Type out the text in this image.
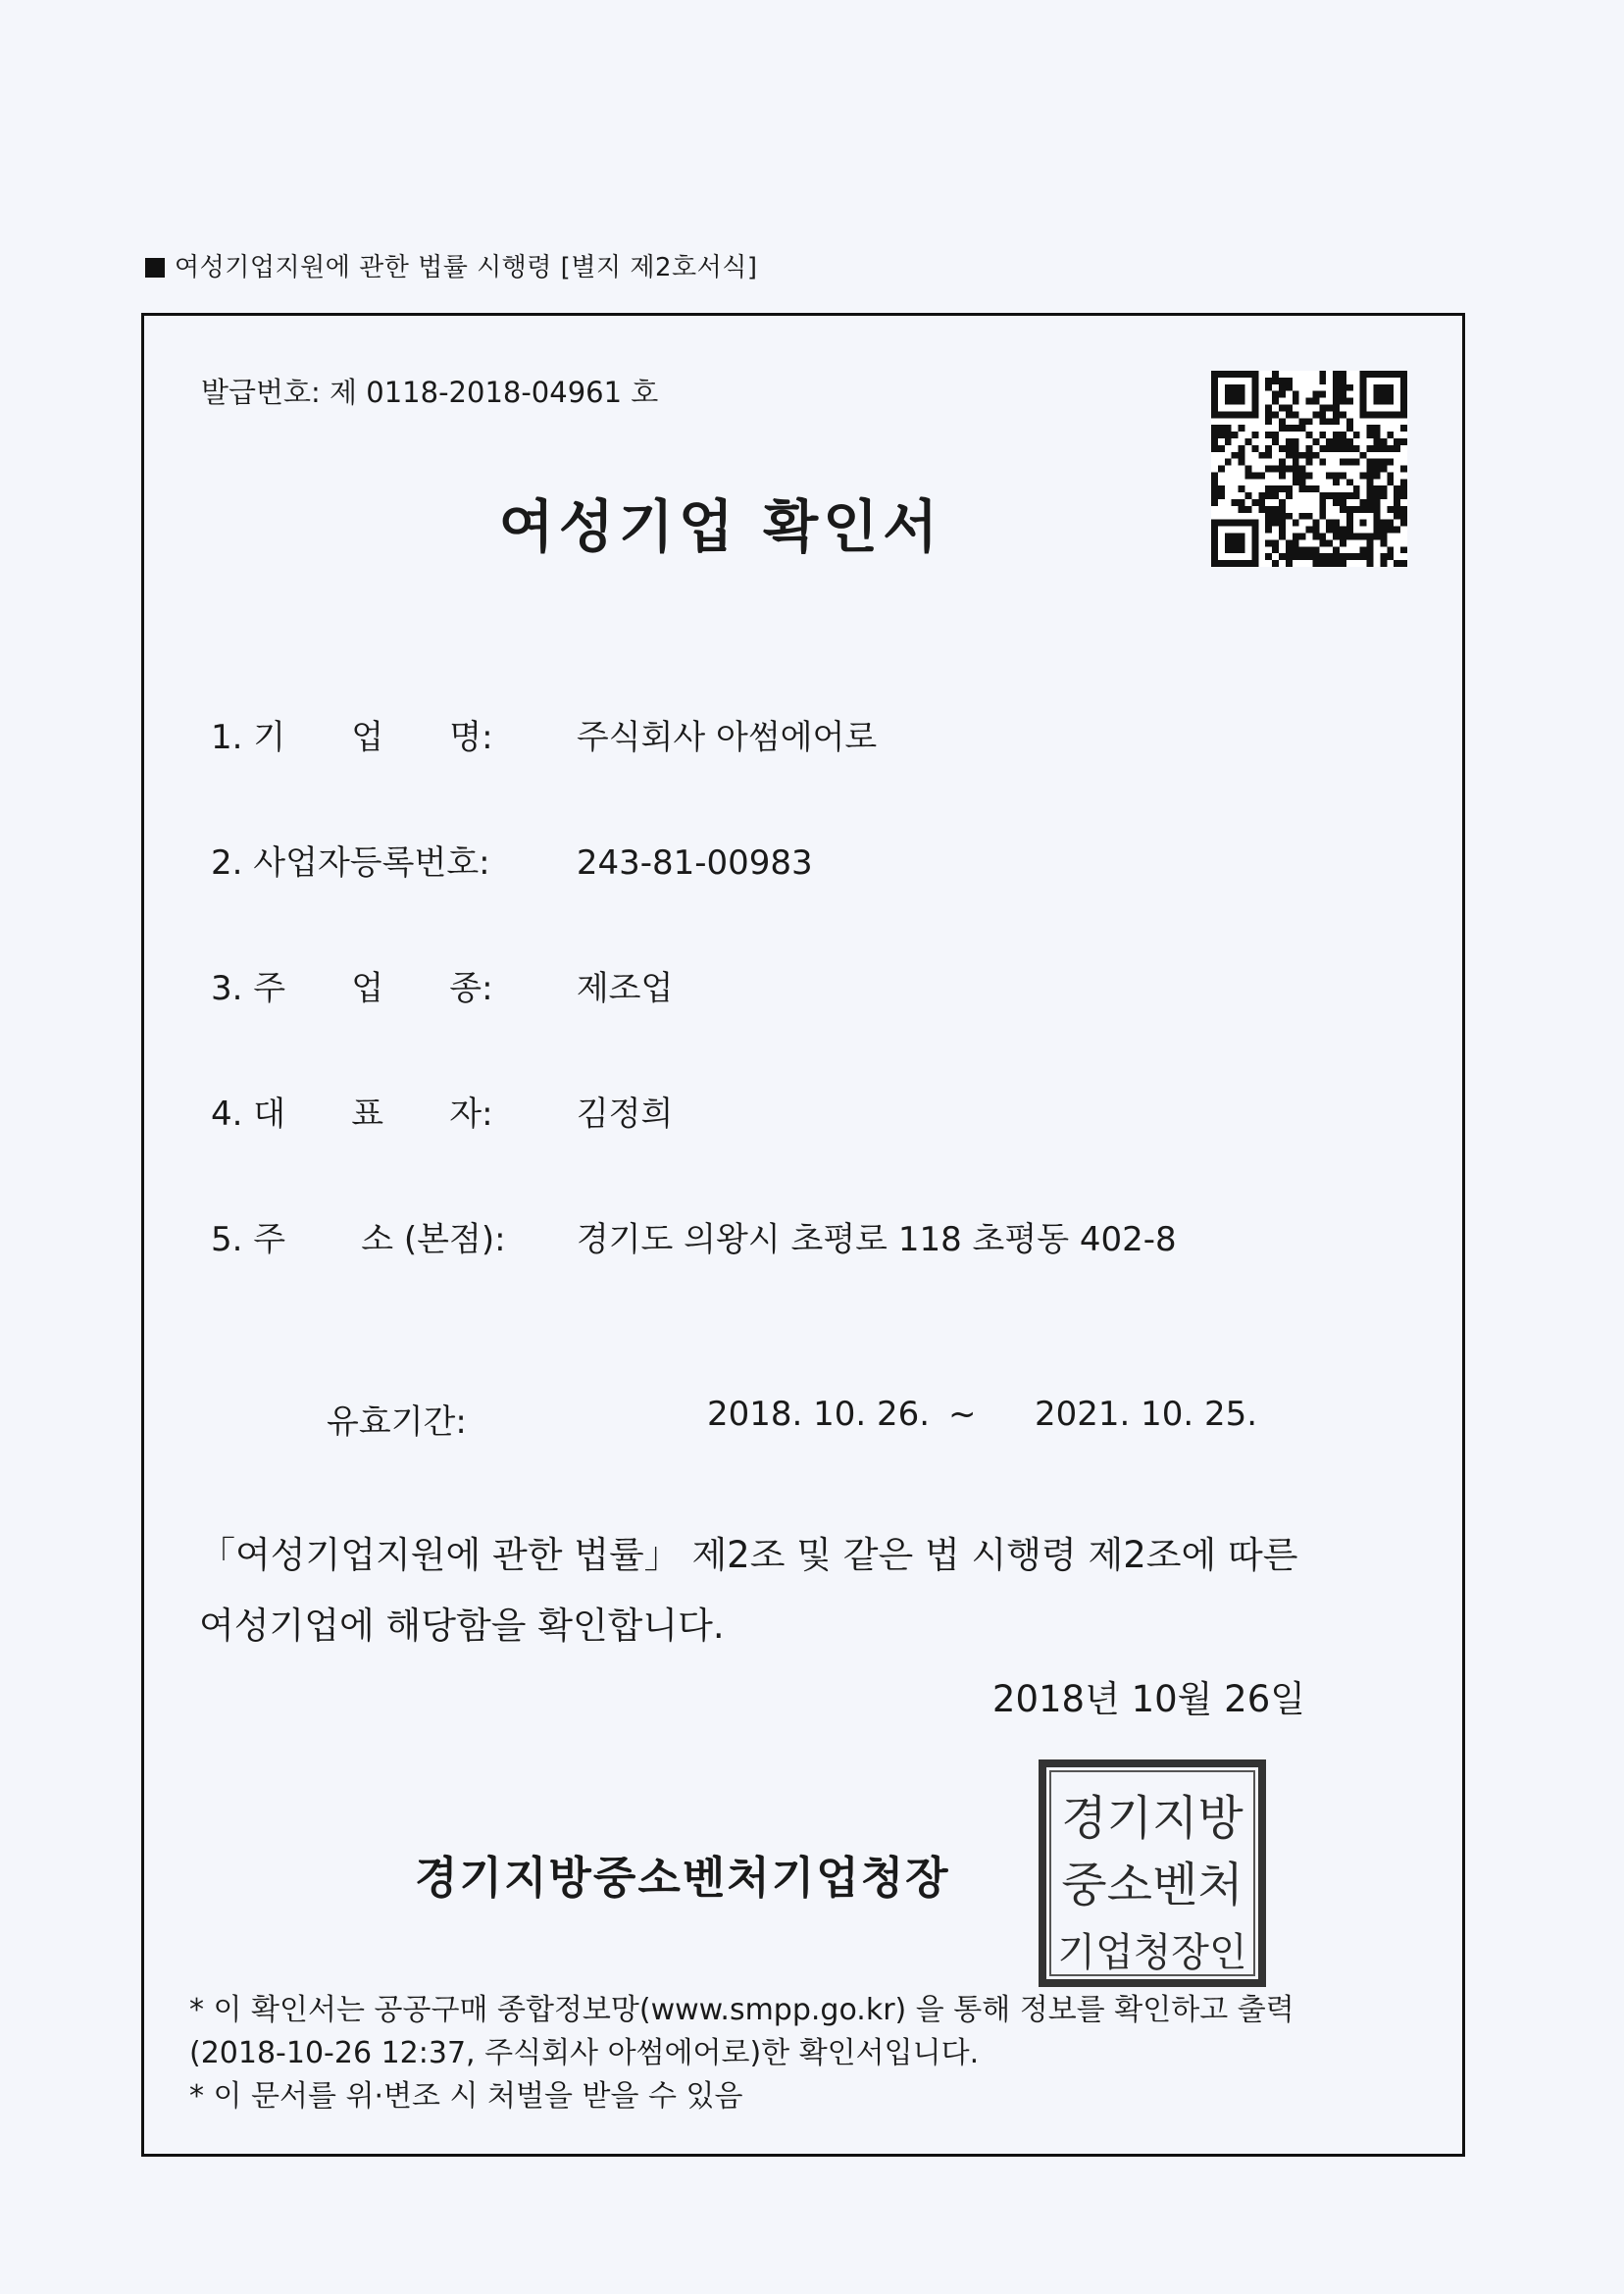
여성기업지원에 관한 법률 시행령 [별지 제2호서식]
발급번호: 제 0118-2018-04961 호
여성기업 확인서
1. 기 업 명:	주식회사 아썸에어로
2. 사업자등록번호:	243-81-00983
3. 주 업 종:	제조업
4. 대 표 자:	김정희
5. 주 소 (본점): 경기도 의왕시 초평로 118 초평동 402-8
유효기간:	2018. 10. 26. ~ 2021. 10. 25.
「여성기업지원에 관한 법률」 제2조 및 같은 법 시행령 제2조에 따른
여성기업에 해당함을 확인합니다.
2018년 10월 26일
경기지방중소벤처기업청장
경기지방
중소벤처
기업청장인
* 이 확인서는 공공구매 종합정보망(www.smpp.go.kr) 을 통해 정보를 확인하고 출력
(2018-10-26 12:37, 주식회사 아썸에어로)한 확인서입니다.
* 이 문서를 위·변조 시 처벌을 받을 수 있음
